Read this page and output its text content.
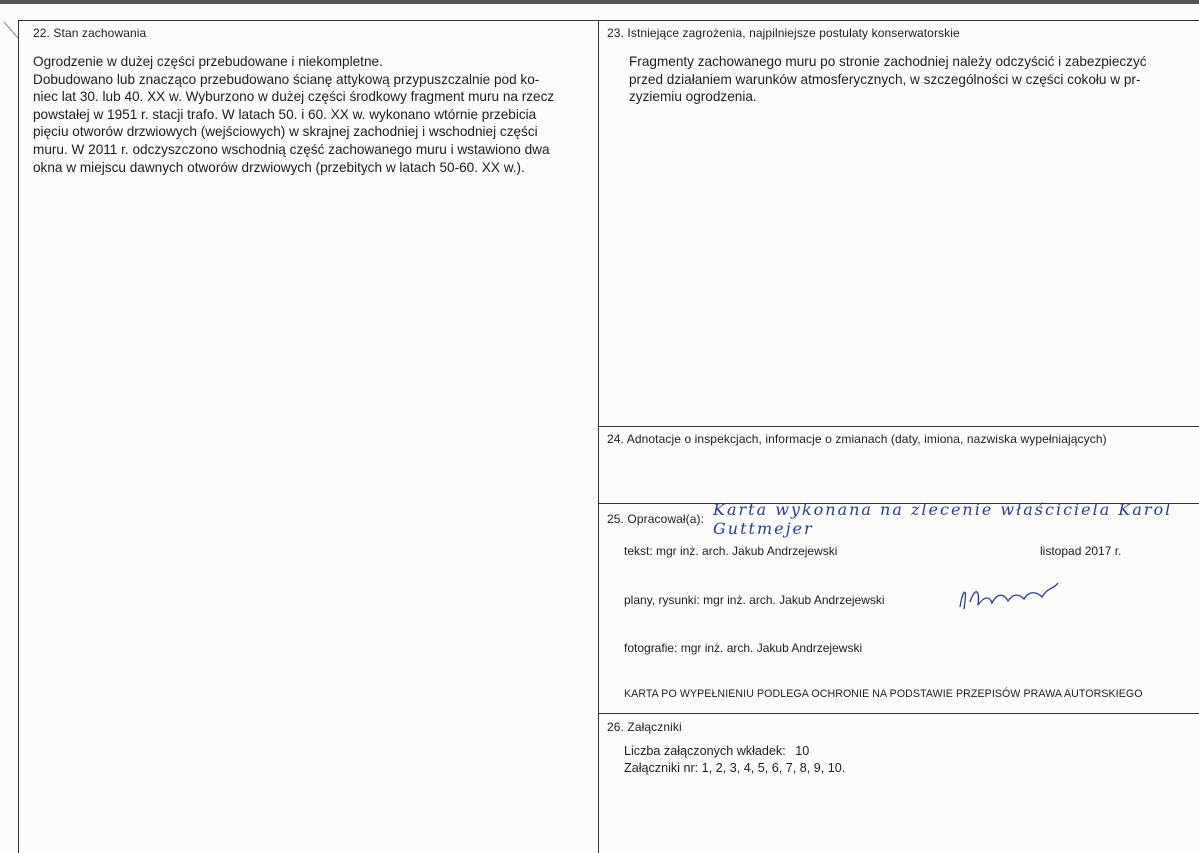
22. Stan zachowania

Ogrodzenie w dużej części przebudowane i niekompletne.

Dobudowano lub znacząco przebudowano ścianę attykową przypuszczalnie pod ko-

niec lat 30. lub 40. XX w. Wyburzono w dużej części środkowy fragment muru na rzecz

powstałej w 1951 r. stacji trafo. W latach 50. i 60. XX w. wykonano wtórnie przebicia

pięciu otworów drzwiowych (wejściowych) w skrajnej zachodniej i wschodniej części

muru. W 2011 r. odczyszczono wschodnią część zachowanego muru i wstawiono dwa

okna w miejscu dawnych otworów drzwiowych (przebitych w latach 50-60. XX w.).

23. Istniejące zagrożenia, najpilniejsze postulaty konserwatorskie

Fragmenty zachowanego muru po stronie zachodniej należy odczyścić i zabezpieczyć

przed działaniem warunków atmosferycznych, w szczególności w części cokołu w pr-

zyziemiu ogrodzenia.

24. Adnotacje o inspekcjach, informacje o zmianach (daty, imiona, nazwiska wypełniających)
25. Opracował(a): Karta wykonana na zlecenie właściciela Karol Guttmejer
tekst: mgr inż. arch. Jakub Andrzejewski	listopad 2017 r.
plany, rysunki: mgr inż. arch. Jakub Andrzejewski
fotografie: mgr inż. arch. Jakub Andrzejewski
KARTA PO WYPEŁNIENIU PODLEGA OCHRONIE NA PODSTAWIE PRZEPISÓW PRAWA AUTORSKIEGO
26. Załączniki
Liczba załączonych wkładek: 10
Załączniki nr: 1, 2, 3, 4, 5, 6, 7, 8, 9, 10.
